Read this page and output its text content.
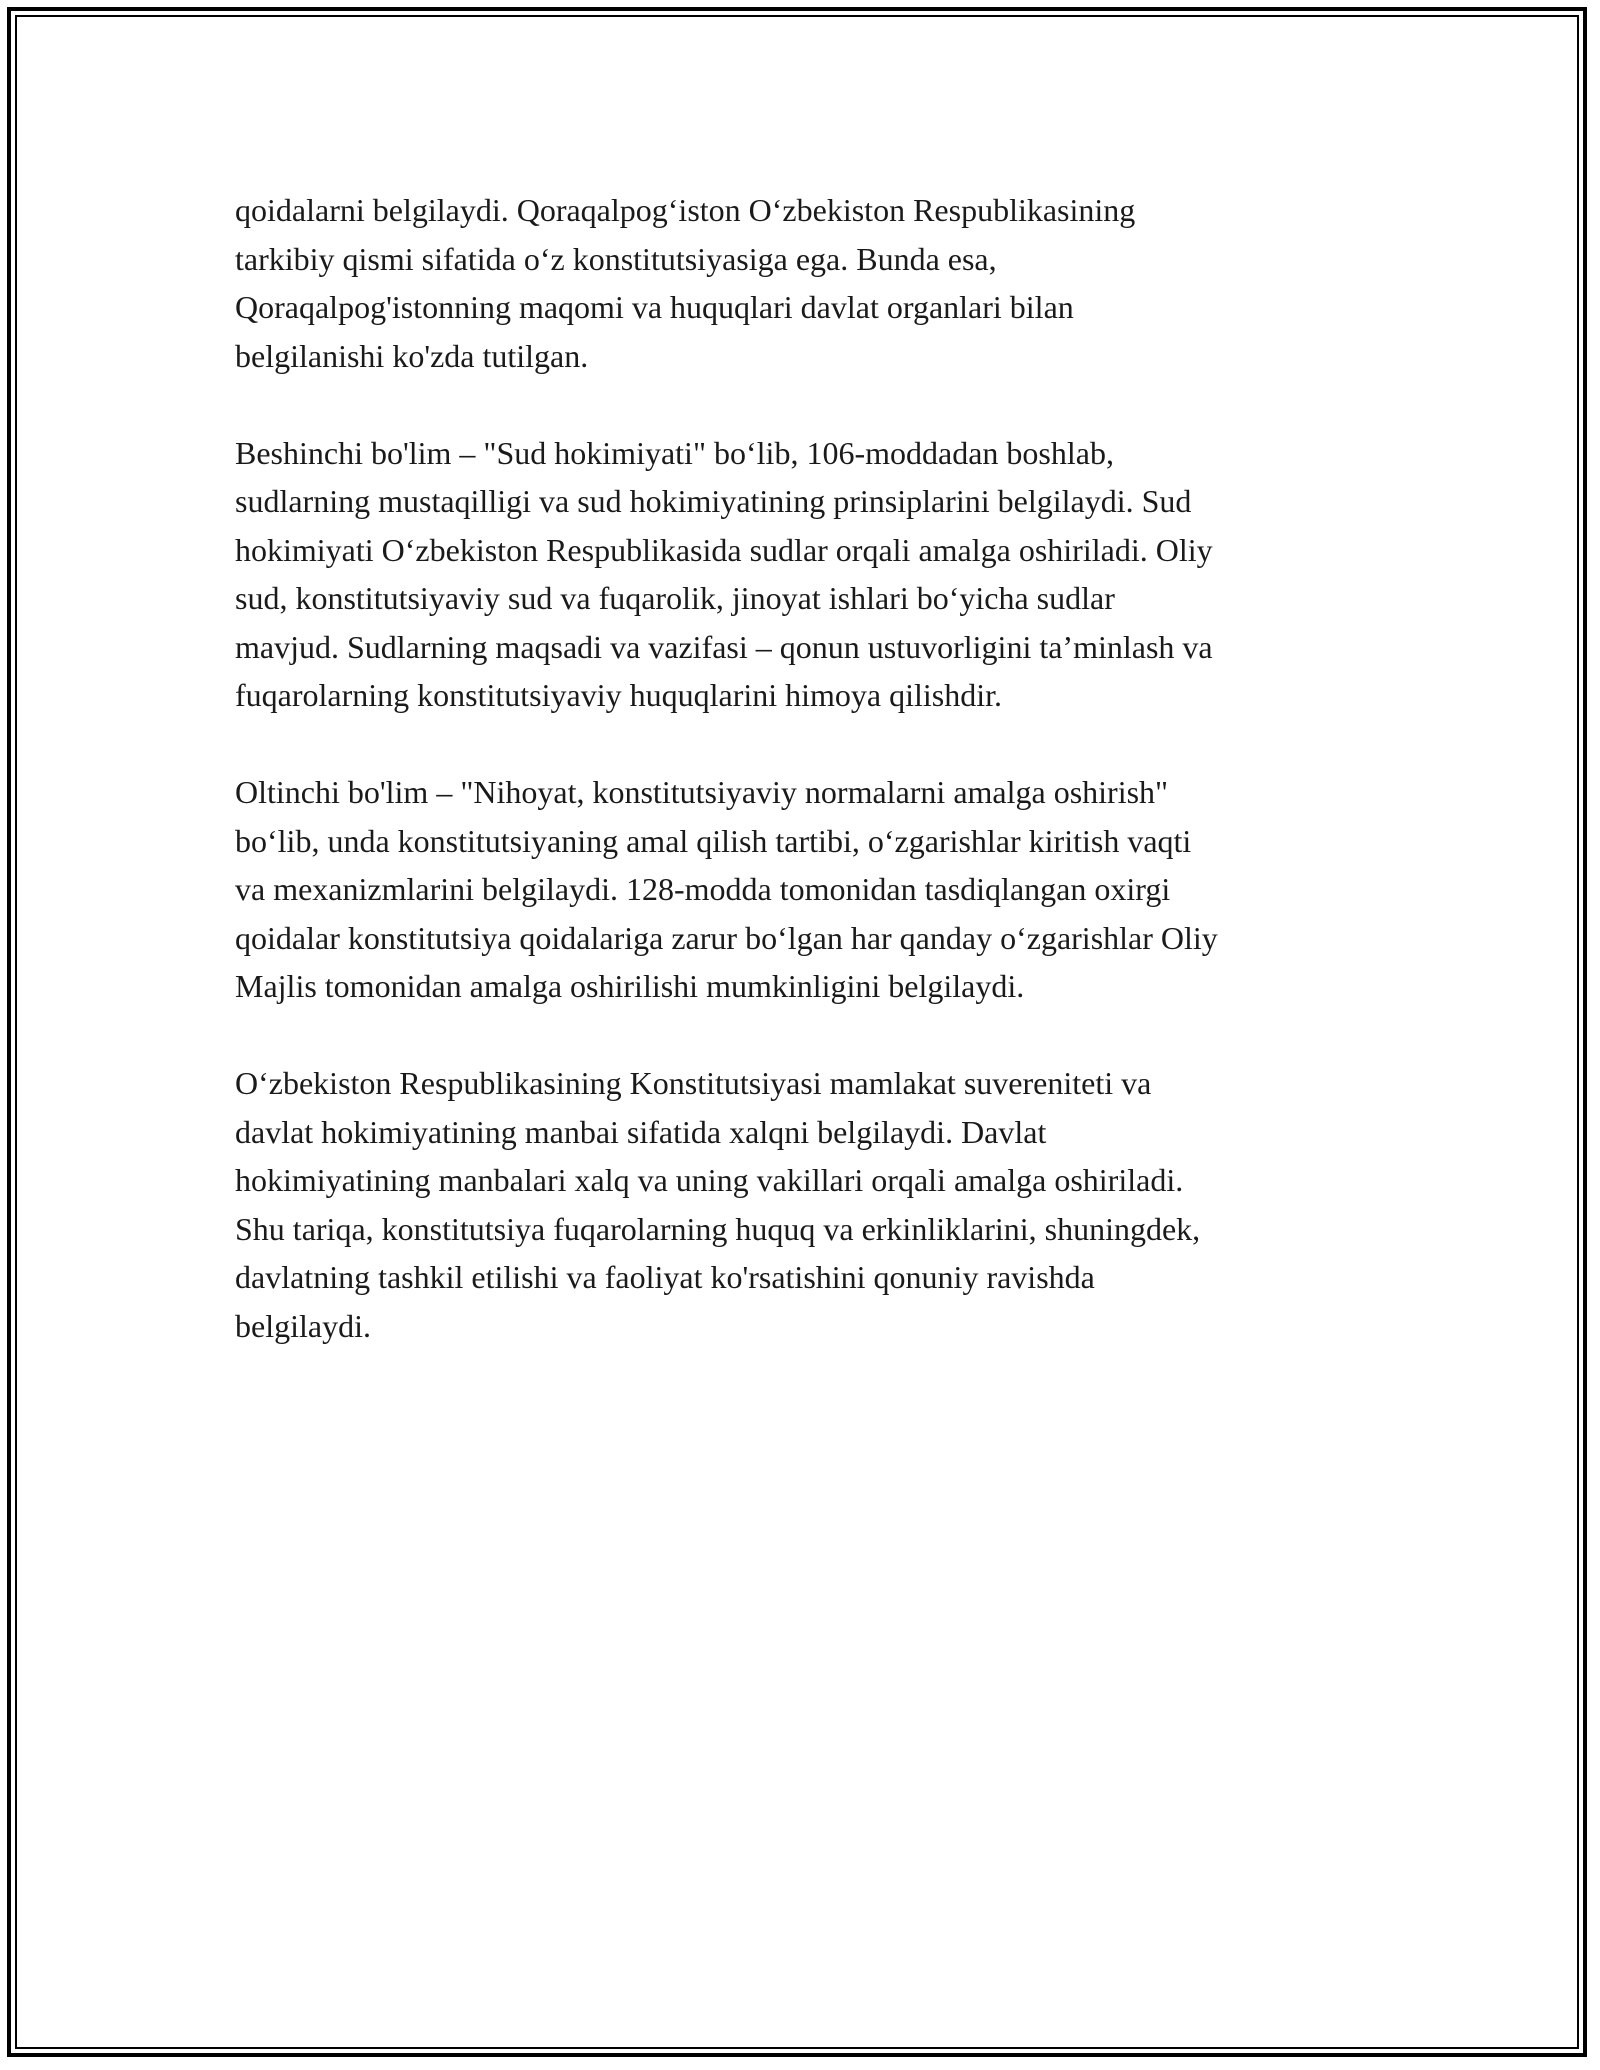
qoidalarni belgilaydi. Qoraqalpog‘iston O‘zbekiston Respublikasining
tarkibiy qismi sifatida o‘z konstitutsiyasiga ega. Bunda esa,
Qoraqalpog'istonning maqomi va huquqlari davlat organlari bilan
belgilanishi ko'zda tutilgan.

Beshinchi bo'lim – "Sud hokimiyati" bo‘lib, 106-moddadan boshlab,
sudlarning mustaqilligi va sud hokimiyatining prinsiplarini belgilaydi. Sud
hokimiyati O‘zbekiston Respublikasida sudlar orqali amalga oshiriladi. Oliy
sud, konstitutsiyaviy sud va fuqarolik, jinoyat ishlari bo‘yicha sudlar
mavjud. Sudlarning maqsadi va vazifasi – qonun ustuvorligini ta’minlash va
fuqarolarning konstitutsiyaviy huquqlarini himoya qilishdir.

Oltinchi bo'lim – "Nihoyat, konstitutsiyaviy normalarni amalga oshirish"
bo‘lib, unda konstitutsiyaning amal qilish tartibi, o‘zgarishlar kiritish vaqti
va mexanizmlarini belgilaydi. 128-modda tomonidan tasdiqlangan oxirgi
qoidalar konstitutsiya qoidalariga zarur bo‘lgan har qanday o‘zgarishlar Oliy
Majlis tomonidan amalga oshirilishi mumkinligini belgilaydi.

O‘zbekiston Respublikasining Konstitutsiyasi mamlakat suvereniteti va
davlat hokimiyatining manbai sifatida xalqni belgilaydi. Davlat
hokimiyatining manbalari xalq va uning vakillari orqali amalga oshiriladi.
Shu tariqa, konstitutsiya fuqarolarning huquq va erkinliklarini, shuningdek,
davlatning tashkil etilishi va faoliyat ko'rsatishini qonuniy ravishda
belgilaydi.
